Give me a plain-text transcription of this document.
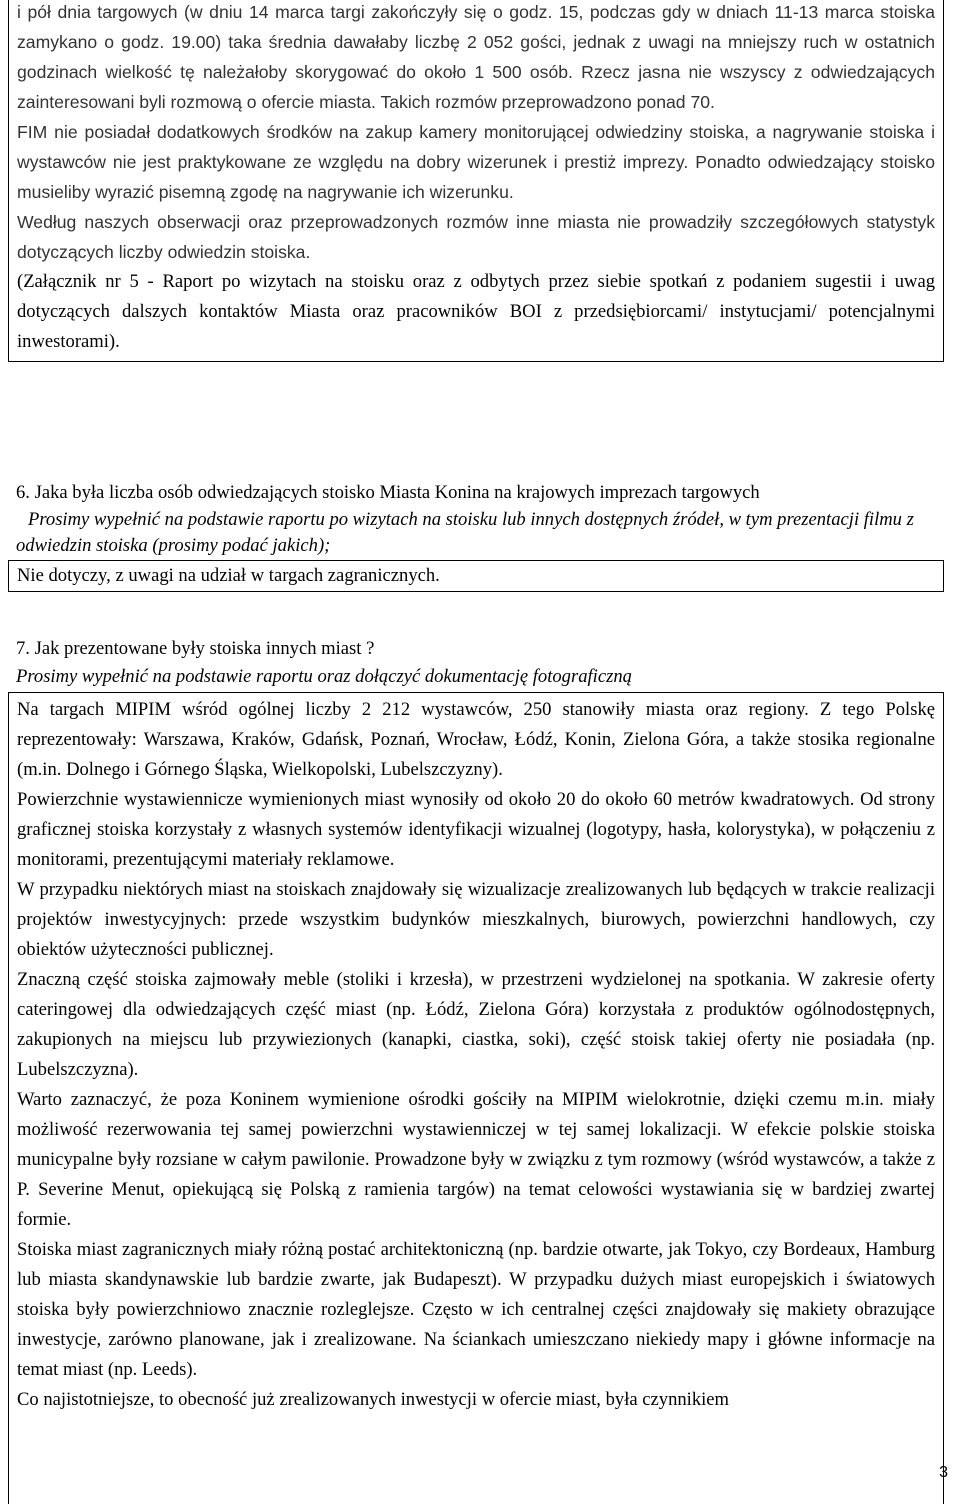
i pół dnia targowych (w dniu 14 marca targi zakończyły się o godz. 15, podczas gdy w dniach 11-13 marca stoiska zamykano o godz. 19.00) taka średnia dawałaby liczbę 2 052 gości, jednak z uwagi na mniejszy ruch w ostatnich godzinach wielkość tę należałoby skorygować do około 1 500 osób. Rzecz jasna nie wszyscy z odwiedzających zainteresowani byli rozmową o ofercie miasta. Takich rozmów przeprowadzono ponad 70.

FIM nie posiadał dodatkowych środków na zakup kamery monitorującej odwiedziny stoiska, a nagrywanie stoiska i wystawców nie jest praktykowane ze względu na dobry wizerunek i prestiż imprezy. Ponadto odwiedzający stoisko musieliby wyrazić pisemną zgodę na nagrywanie ich wizerunku.

Według naszych obserwacji oraz przeprowadzonych rozmów inne miasta nie prowadziły szczegółowych statystyk dotyczących liczby odwiedzin stoiska.

(Załącznik nr 5 - Raport po wizytach na stoisku oraz z odbytych przez siebie spotkań z podaniem sugestii i uwag dotyczących dalszych kontaktów Miasta oraz pracowników BOI z przedsiębiorcami/ instytucjami/ potencjalnymi inwestorami).

6. Jaka była liczba osób odwiedzających stoisko Miasta Konina na krajowych imprezach targowych

Prosimy wypełnić na podstawie raportu po wizytach na stoisku lub innych dostępnych źródeł, w tym prezentacji filmu z odwiedzin stoiska (prosimy podać jakich);

Nie dotyczy, z uwagi na udział w targach zagranicznych.

7. Jak prezentowane były stoiska innych miast ?

Prosimy wypełnić na podstawie raportu oraz dołączyć dokumentację fotograficzną

Na targach MIPIM wśród ogólnej liczby 2 212 wystawców, 250 stanowiły miasta oraz regiony. Z tego Polskę reprezentowały: Warszawa, Kraków, Gdańsk, Poznań, Wrocław, Łódź, Konin, Zielona Góra, a także stosika regionalne (m.in. Dolnego i Górnego Śląska, Wielkopolski, Lubelszczyzny).

Powierzchnie wystawiennicze wymienionych miast wynosiły od około 20 do około 60 metrów kwadratowych. Od strony graficznej stoiska korzystały z własnych systemów identyfikacji wizualnej (logotypy, hasła, kolorystyka), w połączeniu z monitorami, prezentującymi materiały reklamowe.

W przypadku niektórych miast na stoiskach znajdowały się wizualizacje zrealizowanych lub będących w trakcie realizacji projektów inwestycyjnych: przede wszystkim budynków mieszkalnych, biurowych, powierzchni handlowych, czy obiektów użyteczności publicznej.

Znaczną część stoiska zajmowały meble (stoliki i krzesła), w przestrzeni wydzielonej na spotkania. W zakresie oferty cateringowej dla odwiedzających część miast (np. Łódź, Zielona Góra) korzystała z produktów ogólnodostępnych, zakupionych na miejscu lub przywiezionych (kanapki, ciastka, soki), część stoisk takiej oferty nie posiadała (np. Lubelszczyzna).

Warto zaznaczyć, że poza Koninem wymienione ośrodki gościły na MIPIM wielokrotnie, dzięki czemu m.in. miały możliwość rezerwowania tej samej powierzchni wystawienniczej w tej samej lokalizacji. W efekcie polskie stoiska municypalne były rozsiane w całym pawilonie. Prowadzone były w związku z tym rozmowy (wśród wystawców, a także z P. Severine Menut, opiekującą się Polską z ramienia targów) na temat celowości wystawiania się w bardziej zwartej formie.

Stoiska miast zagranicznych miały różną postać architektoniczną (np. bardzie otwarte, jak Tokyo, czy Bordeaux, Hamburg lub miasta skandynawskie lub bardzie zwarte, jak Budapeszt). W przypadku dużych miast europejskich i światowych stoiska były powierzchniowo znacznie rozleglejsze. Często w ich centralnej części znajdowały się makiety obrazujące inwestycje, zarówno planowane, jak i zrealizowane. Na ściankach umieszczano niekiedy mapy i główne informacje na temat miast (np. Leeds).

Co najistotniejsze, to obecność już zrealizowanych inwestycji w ofercie miast, była czynnikiem

3
